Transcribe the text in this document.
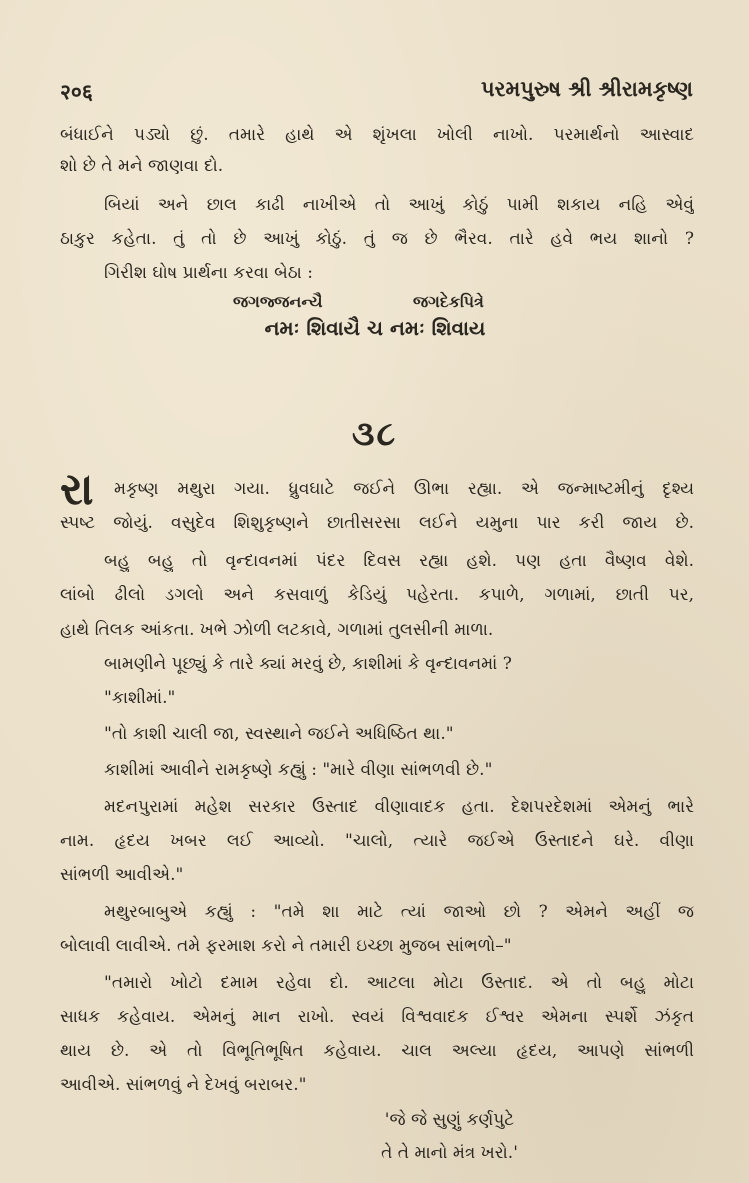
२०६	પરમપુરુષ શ્રી શ્રીરામકૃષ્ણ

બંધાઈને પડ્યો છું. તમારે હાથે એ શૃંખલા ખોલી નાખો. પરમાર્થનો આસ્વાદ

શો છે તે મને જાણવા દો.

બિયાં અને છાલ કાઢી નાખીએ તો આખું કોઠું પામી શકાય નહિ એવું

ઠાકુર કહેતા. તું તો છે આખું કોઠું. તું જ છે ભૈરવ. તારે હવે ભય શાનો ?

ગિરીશ ઘોષ પ્રાર્થના કરવા બેઠા :

જગજ્જનન્યૈ	જગદેકપિત્રે
નમઃ શિવાયૈ ચ નમઃ શિવાય
૩૮
રા મકૃષ્ણ મથુરા ગયા. ધ્રુવઘાટે જઈને ઊભા રહ્યા. એ જન્માષ્ટમીનું દૃશ્ય

સ્પષ્ટ જોયું. વસુદેવ શિશુકૃષ્ણને છાતીસરસા લઈને યમુના પાર કરી જાય છે.

બહુ બહુ તો વૃન્દાવનમાં પંદર દિવસ રહ્યા હશે. પણ હતા વૈષ્ણવ વેશે.

લાંબો ઢીલો ડગલો અને કસવાળું કેડિયું પહેરતા. કપાળે, ગળામાં, છાતી પર,

હાથે તિલક આંકતા. ખભે ઝોળી લટકાવે, ગળામાં તુલસીની માળા.

બામણીને પૂછ્યું કે તારે ક્યાં મરવું છે, કાશીમાં કે વૃન્દાવનમાં ?

"કાશીમાં."

"તો કાશી ચાલી જા, સ્વસ્થાને જઈને અધિષ્ઠિત થા."

કાશીમાં આવીને રામકૃષ્ણે કહ્યું : "મારે વીણા સાંભળવી છે."

મદનપુરામાં મહેશ સરકાર ઉસ્તાદ વીણાવાદક હતા. દેશપરદેશમાં એમનું ભારે

નામ. હૃદય ખબર લઈ આવ્યો. "ચાલો, ત્યારે જઈએ ઉસ્તાદને ઘરે. વીણા

સાંભળી આવીએ."

મથુરબાબુએ કહ્યું : "તમે શા માટે ત્યાં જાઓ છો ? એમને અહીં જ

બોલાવી લાવીએ. તમે ફરમાશ કરો ને તમારી ઇચ્છા મુજબ સાંભળો–"

"તમારો ખોટો દમામ રહેવા દો. આટલા મોટા ઉસ્તાદ. એ તો બહુ મોટા

સાધક કહેવાય. એમનું માન રાખો. સ્વયં વિશ્વવાદક ઈશ્વર એમના સ્પર્શે ઝંકૃત

થાય છે. એ તો વિભૂતિભૂષિત કહેવાય. ચાલ અલ્યા હૃદય, આપણે સાંભળી

આવીએ. સાંભળવું ને દેખવું બરાબર."

'જે જે સુણું કર્ણપુટે
તે તે માનો મંત્ર ખરો.'
